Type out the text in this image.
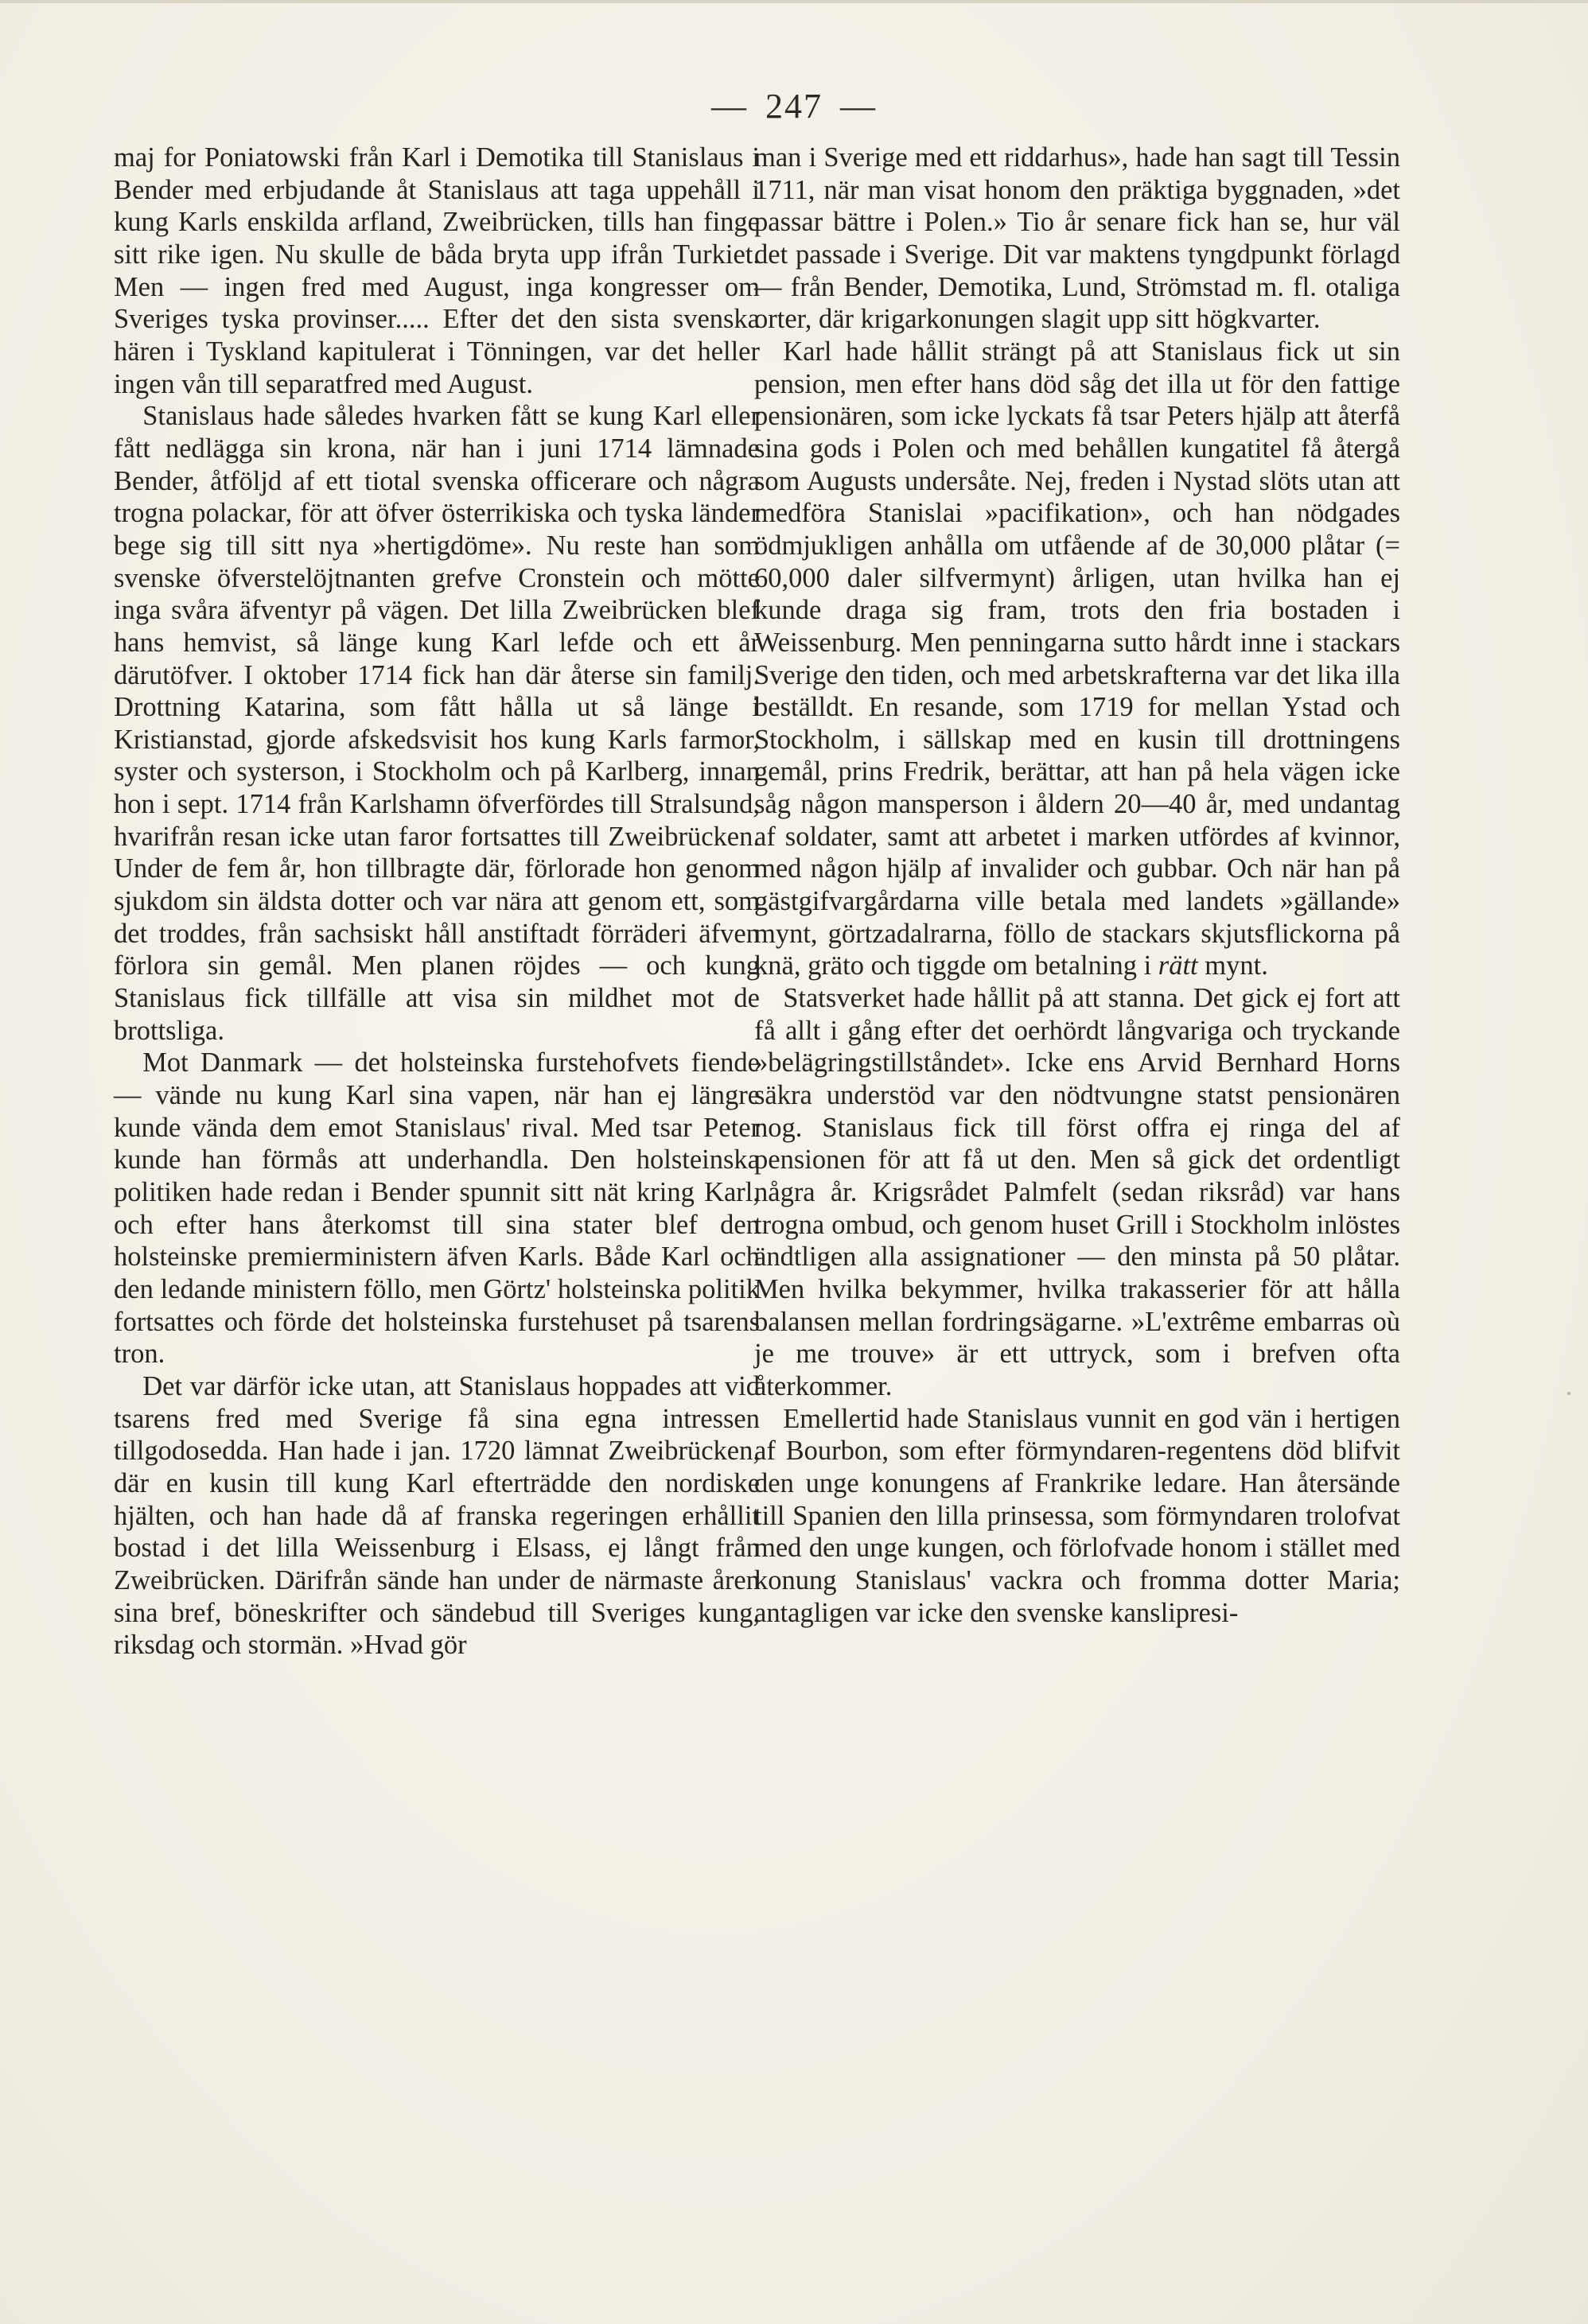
— 247 —

maj for Poniatowski från Karl i Demotika till Stanislaus i Bender med erbjudande åt Stanislaus att taga uppehåll i kung Karls enskilda arfland, Zweibrücken, tills han finge sitt rike igen. Nu skulle de båda bryta upp ifrån Turkiet. Men — ingen fred med August, inga kongresser om Sveriges tyska provinser..... Efter det den sista svenska hären i Tyskland kapitulerat i Tönningen, var det heller ingen vån till separatfred med August.

Stanislaus hade således hvarken fått se kung Karl eller fått nedlägga sin krona, när han i juni 1714 lämnade Bender, åtföljd af ett tiotal svenska officerare och några trogna polackar, för att öfver österrikiska och tyska länder bege sig till sitt nya »hertigdöme». Nu reste han som svenske öfverstelöjtnanten grefve Cronstein och mötte inga svåra äfventyr på vägen. Det lilla Zweibrücken blef hans hemvist, så länge kung Karl lefde och ett år därutöfver. I oktober 1714 fick han där återse sin familj. Drottning Katarina, som fått hålla ut så länge i Kristianstad, gjorde afskedsvisit hos kung Karls farmor, syster och systerson, i Stockholm och på Karlberg, innan hon i sept. 1714 från Karlshamn öfverfördes till Stralsund, hvarifrån resan icke utan faror fortsattes till Zweibrücken. Under de fem år, hon tillbragte där, förlorade hon genom sjukdom sin äldsta dotter och var nära att genom ett, som det troddes, från sachsiskt håll anstiftadt förräderi äfven förlora sin gemål. Men planen röjdes — och kung Stanislaus fick tillfälle att visa sin mildhet mot de brottsliga.

Mot Danmark — det holsteinska furstehofvets fiende — vände nu kung Karl sina vapen, när han ej längre kunde vända dem emot Stanislaus' rival. Med tsar Peter kunde han förmås att underhandla. Den holsteinska politiken hade redan i Bender spunnit sitt nät kring Karl, och efter hans återkomst till sina stater blef den holsteinske premierministern äfven Karls. Både Karl och den ledande ministern föllo, men Görtz' holsteinska politik fortsattes och förde det holsteinska furstehuset på tsarens tron.

Det var därför icke utan, att Stanislaus hoppades att vid tsarens fred med Sverige få sina egna intressen tillgodosedda. Han hade i jan. 1720 lämnat Zweibrücken, där en kusin till kung Karl efterträdde den nordiske hjälten, och han hade då af franska regeringen erhållit bostad i det lilla Weissenburg i Elsass, ej långt från Zweibrücken. Därifrån sände han under de närmaste åren sina bref, böneskrifter och sändebud till Sveriges kung, riksdag och stormän. »Hvad gör

man i Sverige med ett riddarhus», hade han sagt till Tessin 1711, när man visat honom den präktiga byggnaden, »det passar bättre i Polen.» Tio år senare fick han se, hur väl det passade i Sverige. Dit var maktens tyngdpunkt förlagd — från Bender, Demotika, Lund, Strömstad m. fl. otaliga orter, där krigarkonungen slagit upp sitt högkvarter.

Karl hade hållit strängt på att Stanislaus fick ut sin pension, men efter hans död såg det illa ut för den fattige pensionären, som icke lyckats få tsar Peters hjälp att återfå sina gods i Polen och med behållen kungatitel få återgå som Augusts undersåte. Nej, freden i Nystad slöts utan att medföra Stanislai »pacifikation», och han nödgades ödmjukligen anhålla om utfående af de 30,000 plåtar (= 60,000 daler silfvermynt) årligen, utan hvilka han ej kunde draga sig fram, trots den fria bostaden i Weissenburg. Men penningarna sutto hårdt inne i stackars Sverige den tiden, och med arbetskrafterna var det lika illa beställdt. En resande, som 1719 for mellan Ystad och Stockholm, i sällskap med en kusin till drottningens gemål, prins Fredrik, berättar, att han på hela vägen icke såg någon mansperson i åldern 20—40 år, med undantag af soldater, samt att arbetet i marken utfördes af kvinnor, med någon hjälp af invalider och gubbar. Och när han på gästgifvargårdarna ville betala med landets »gällande» mynt, görtzadalrarna, föllo de stackars skjutsflickorna på knä, gräto och tiggde om betalning i rätt mynt.

Statsverket hade hållit på att stanna. Det gick ej fort att få allt i gång efter det oerhördt långvariga och tryckande »belägringstillståndet». Icke ens Arvid Bernhard Horns säkra understöd var den nödtvungne statst pensionären nog. Stanislaus fick till först offra ej ringa del af pensionen för att få ut den. Men så gick det ordentligt några år. Krigsrådet Palmfelt (sedan riksråd) var hans trogna ombud, och genom huset Grill i Stockholm inlöstes ändtligen alla assignationer — den minsta på 50 plåtar. Men hvilka bekymmer, hvilka trakasserier för att hålla balansen mellan fordringsägarne. »L'extrême embarras où je me trouve» är ett uttryck, som i brefven ofta återkommer.

Emellertid hade Stanislaus vunnit en god vän i hertigen af Bourbon, som efter förmyndaren-regentens död blifvit den unge konungens af Frankrike ledare. Han återsände till Spanien den lilla prinsessa, som förmyndaren trolofvat med den unge kungen, och förlofvade honom i stället med konung Stanislaus' vackra och fromma dotter Maria; antagligen var icke den svenske kanslipresi-
